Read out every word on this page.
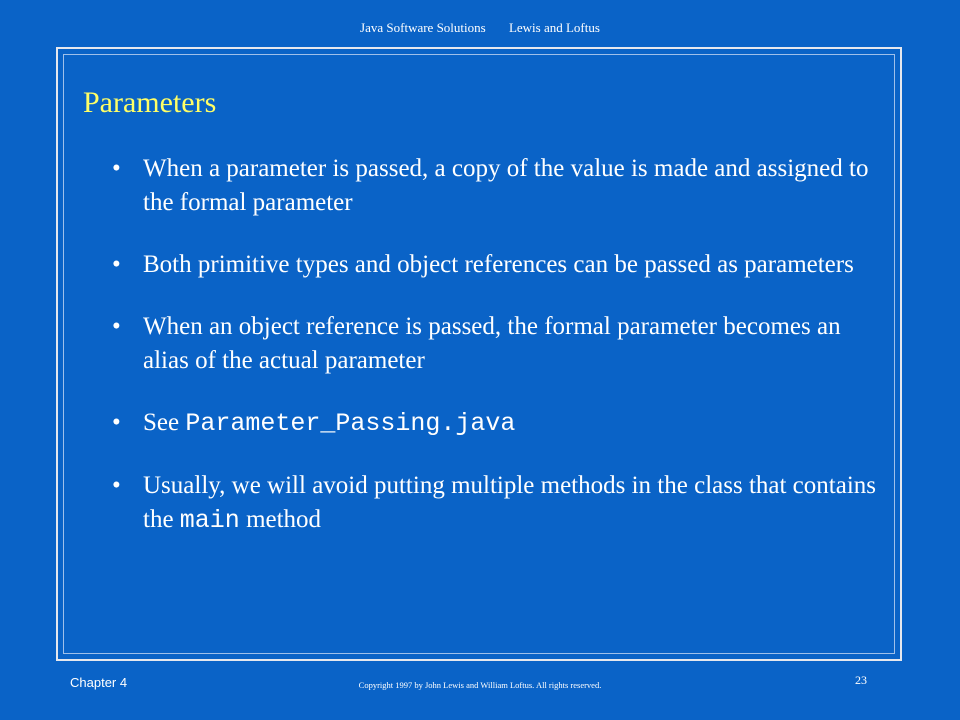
Java Software Solutions Lewis and Loftus
Parameters
• When a parameter is passed, a copy of the value is made and assigned to the formal parameter
• Both primitive types and object references can be passed as parameters
• When an object reference is passed, the formal parameter becomes an alias of the actual parameter
• See Parameter_Passing.java
• Usually, we will avoid putting multiple methods in the class that contains the main method
Chapter 4	Copyright 1997 by John Lewis and William Loftus. All rights reserved.	23
